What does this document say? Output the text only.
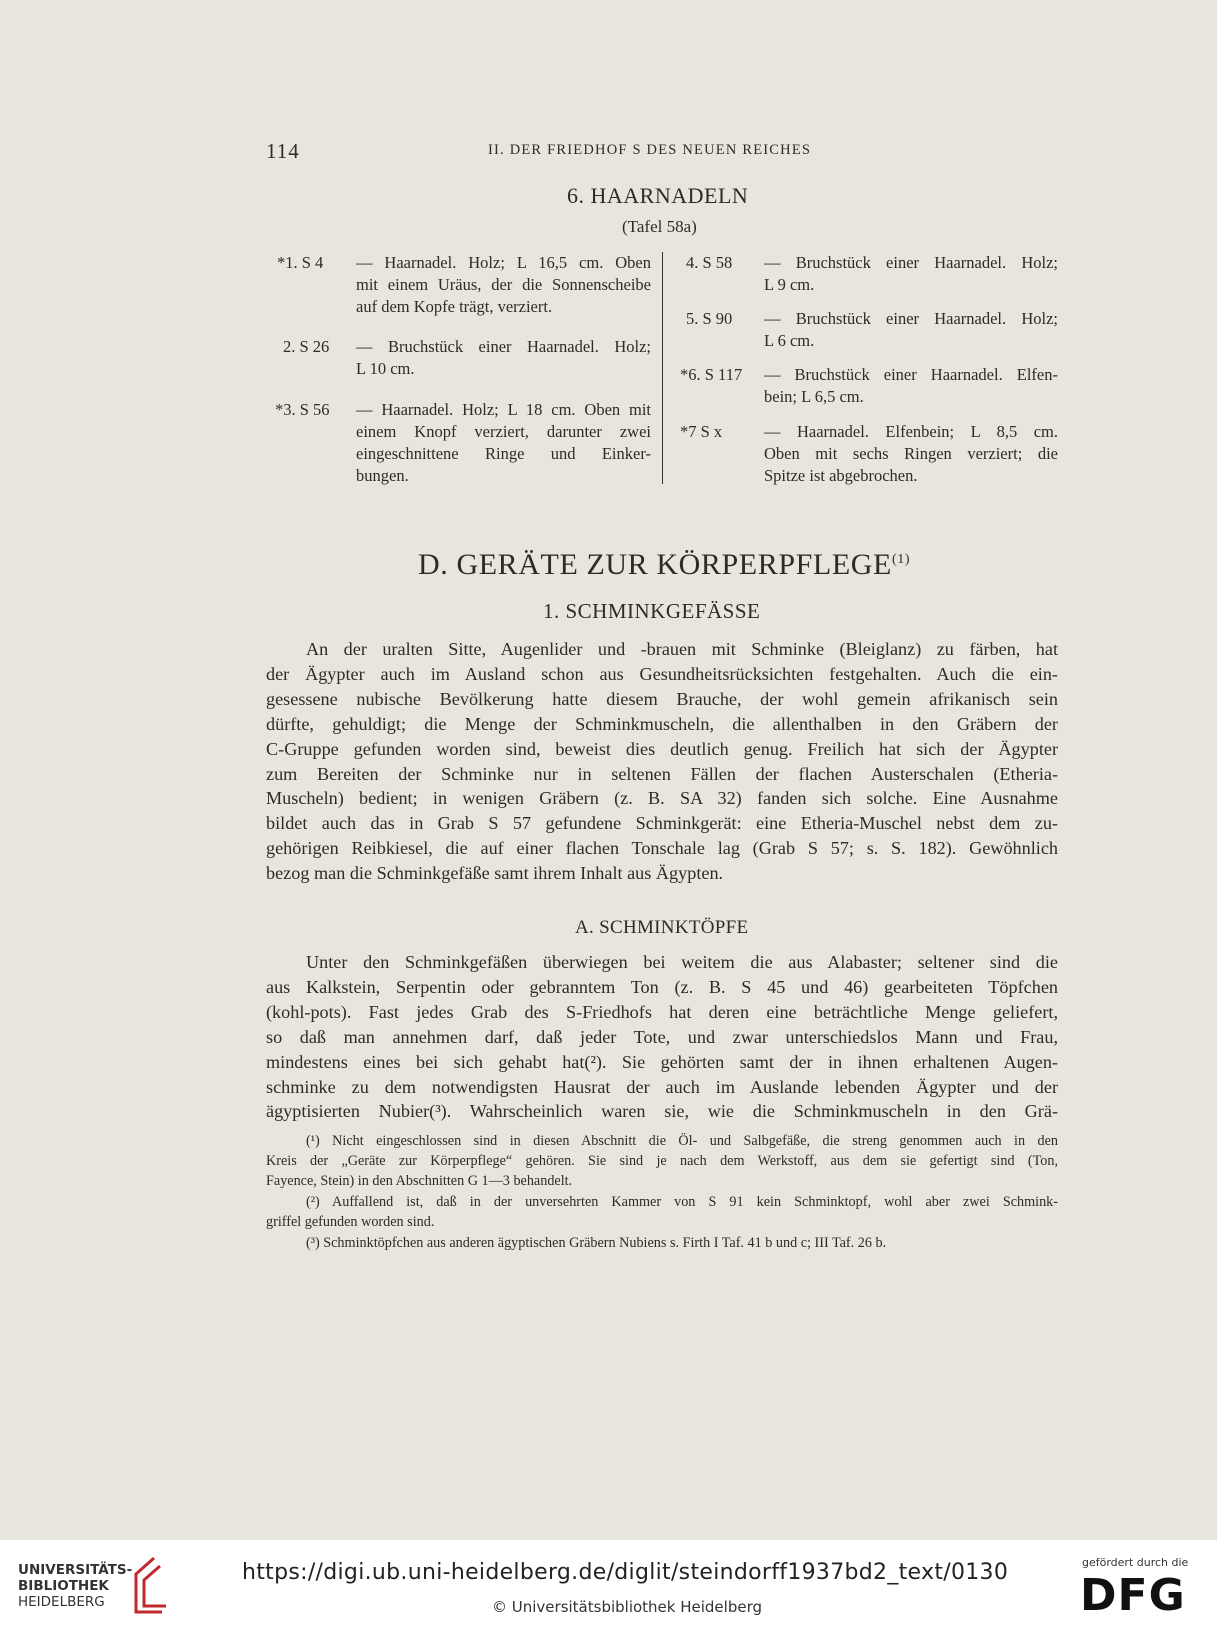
114	II. DER FRIEDHOF S DES NEUEN REICHES
6. HAARNADELN
(Tafel 58a)
*1. S 4 — Haarnadel. Holz; L 16,5 cm. Oben
mit einem Uräus, der die Sonnenscheibe
auf dem Kopfe trägt, verziert.
2. S 26 — Bruchstück einer Haarnadel. Holz;
L 10 cm.
*3. S 56 — Haarnadel. Holz; L 18 cm. Oben mit
einem Knopf verziert, darunter zwei
eingeschnittene Ringe und Einker-
bungen.
4. S 58 — Bruchstück einer Haarnadel. Holz;
L 9 cm.
5. S 90 — Bruchstück einer Haarnadel. Holz;
L 6 cm.
*6. S 117 — Bruchstück einer Haarnadel. Elfen-
bein; L 6,5 cm.
*7 S x	— Haarnadel. Elfenbein; L 8,5 cm.
Oben mit sechs Ringen verziert; die
Spitze ist abgebrochen.
D. GERÄTE ZUR KÖRPERPFLEGE$^{(1)}$
1. SCHMINKGEFÄSSE
An der uralten Sitte, Augenlider und -brauen mit Schminke (Bleiglanz) zu färben, hat
der Ägypter auch im Ausland schon aus Gesundheitsrücksichten festgehalten. Auch die ein-
gesessene nubische Bevölkerung hatte diesem Brauche, der wohl gemein afrikanisch sein
dürfte, gehuldigt; die Menge der Schminkmuscheln, die allenthalben in den Gräbern der
C-Gruppe gefunden worden sind, beweist dies deutlich genug. Freilich hat sich der Ägypter
zum Bereiten der Schminke nur in seltenen Fällen der flachen Austerschalen (Etheria-
Muscheln) bedient; in wenigen Gräbern (z. B. SA 32) fanden sich solche. Eine Ausnahme
bildet auch das in Grab S 57 gefundene Schminkgerät: eine Etheria-Muschel nebst dem zu-
gehörigen Reibkiesel, die auf einer flachen Tonschale lag (Grab S 57; s. S. 182). Gewöhnlich
bezog man die Schminkgefäße samt ihrem Inhalt aus Ägypten.
A. SCHMINKTÖPFE
Unter den Schminkgefäßen überwiegen bei weitem die aus Alabaster; seltener sind die
aus Kalkstein, Serpentin oder gebranntem Ton (z. B. S 45 und 46) gearbeiteten Töpfchen
(kohl-pots). Fast jedes Grab des S-Friedhofs hat deren eine beträchtliche Menge geliefert,
so daß man annehmen darf, daß jeder Tote, und zwar unterschiedslos Mann und Frau,
mindestens eines bei sich gehabt hat(²). Sie gehörten samt der in ihnen erhaltenen Augen-
schminke zu dem notwendigsten Hausrat der auch im Auslande lebenden Ägypter und der
ägyptisierten Nubier(³). Wahrscheinlich waren sie, wie die Schminkmuscheln in den Grä-
(¹) Nicht eingeschlossen sind in diesen Abschnitt die Öl- und Salbgefäße, die streng genommen auch in den
Kreis der „Geräte zur Körperpflege“ gehören. Sie sind je nach dem Werkstoff, aus dem sie gefertigt sind (Ton,
Fayence, Stein) in den Abschnitten G 1—3 behandelt.
(²) Auffallend ist, daß in der unversehrten Kammer von S 91 kein Schminktopf, wohl aber zwei Schmink-
griffel gefunden worden sind.
(³) Schminktöpfchen aus anderen ägyptischen Gräbern Nubiens s. Firth I Taf. 41 b und c; III Taf. 26 b.
UNIVERSITÄTS-
BIBLIOTHEK
HEIDELBERG
https://digi.ub.uni-heidelberg.de/diglit/steindorff1937bd2_text/0130
© Universitätsbibliothek Heidelberg
gefördert durch die
DFG
